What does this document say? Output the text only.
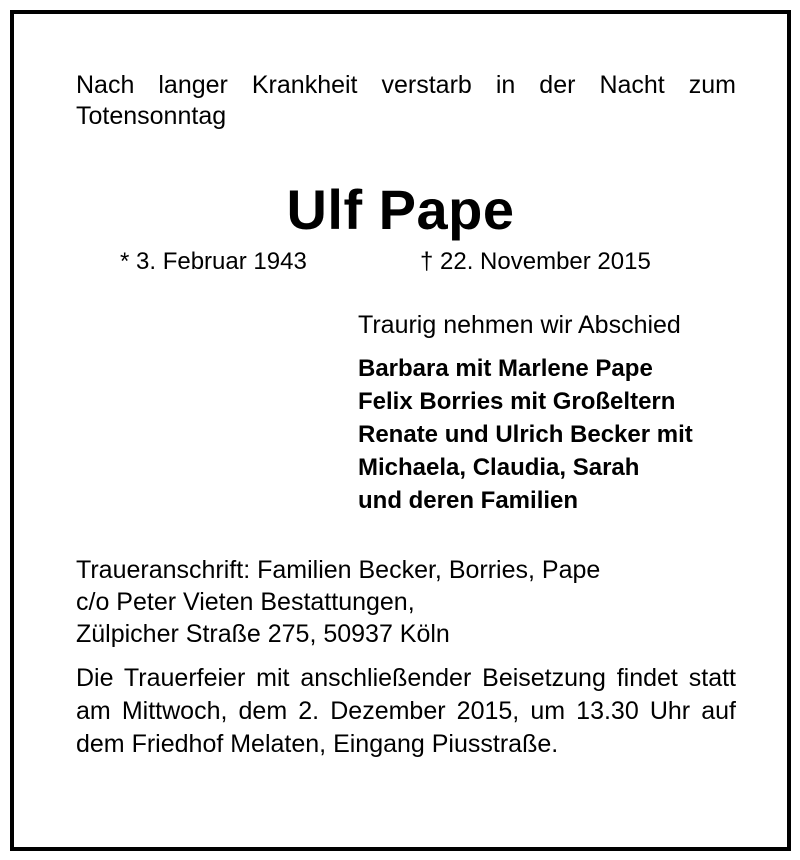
Nach langer Krankheit verstarb in der Nacht zum Totensonntag
Ulf Pape
* 3. Februar 1943	† 22. November 2015
Traurig nehmen wir Abschied
Barbara mit Marlene Pape
Felix Borries mit Großeltern
Renate und Ulrich Becker mit
Michaela, Claudia, Sarah
und deren Familien
Traueranschrift: Familien Becker, Borries, Pape
c/o Peter Vieten Bestattungen,
Zülpicher Straße 275, 50937 Köln
Die Trauerfeier mit anschließender Beisetzung findet statt am Mittwoch, dem 2. Dezember 2015, um 13.30 Uhr auf dem Friedhof Melaten, Eingang Piusstraße.
